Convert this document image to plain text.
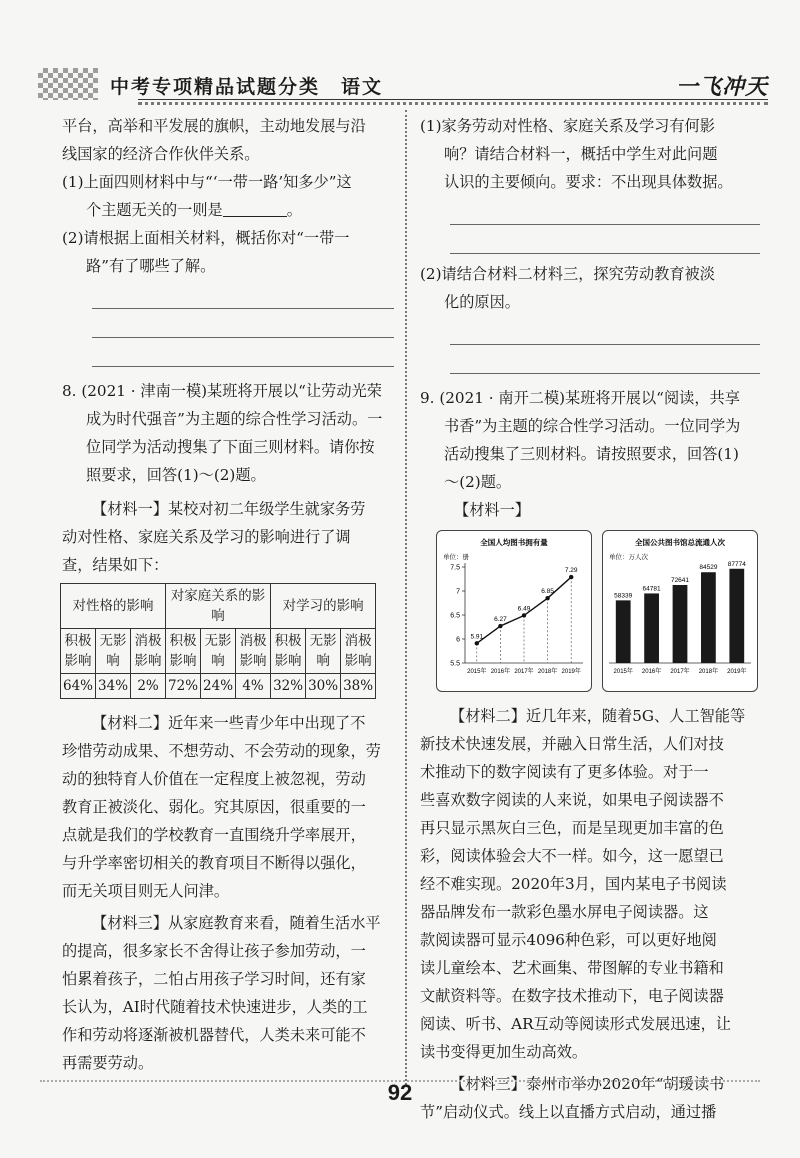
中考专项精品试题分类　语文	一飞冲天

平台，高举和平发展的旗帜，主动地发展与沿

线国家的经济合作伙伴关系。

(1)上面四则材料中与“‘一带一路’知多少”这

个主题无关的一则是	。

(2)请根据上面相关材料，概括你对“一带一

路”有了哪些了解。

8. (2021 · 津南一模)某班将开展以“让劳动光荣

成为时代强音”为主题的综合性学习活动。一

位同学为活动搜集了下面三则材料。请你按

照要求，回答(1)～(2)题。

【材料一】某校对初二年级学生就家务劳

动对性格、家庭关系及学习的影响进行了调

查，结果如下：

对性格的影响			对家庭关系的影响			对学习的影响		
积极影响	无影响	消极影响	积极影响	无影响	消极影响	积极影响	无影响	消极影响
64%	34%	2%	72%	24%	4%	32%	30%	38%

【材料二】近年来一些青少年中出现了不

珍惜劳动成果、不想劳动、不会劳动的现象，劳

动的独特育人价值在一定程度上被忽视，劳动

教育正被淡化、弱化。究其原因，很重要的一

点就是我们的学校教育一直围绕升学率展开，

与升学率密切相关的教育项目不断得以强化，

而无关项目则无人问津。

【材料三】从家庭教育来看，随着生活水平

的提高，很多家长不舍得让孩子参加劳动，一

怕累着孩子，二怕占用孩子学习时间，还有家

长认为，AI时代随着技术快速进步，人类的工

作和劳动将逐渐被机器替代，人类未来可能不

再需要劳动。

(1)家务劳动对性格、家庭关系及学习有何影

响？请结合材料一，概括中学生对此问题

认识的主要倾向。要求：不出现具体数据。

(2)请结合材料二材料三，探究劳动教育被淡

化的原因。

9. (2021 · 南开二模)某班将开展以“阅读，共享

书香”为主题的综合性学习活动。一位同学为

活动搜集了三则材料。请按照要求，回答(1)

～(2)题。

【材料一】

全国人均图书拥有量
单位：册
5.5
6
6.5
7
7.5
5.91
2015年
6.27
2016年
6.49
2017年
6.85
2018年
7.29
2019年
全国公共图书馆总流通人次
单位：万人次
58339
2015年
64781
2016年
72641
2017年
84529
2018年
87774
2019年

【材料二】近几年来，随着5G、人工智能等

新技术快速发展，并融入日常生活，人们对技

术推动下的数字阅读有了更多体验。对于一

些喜欢数字阅读的人来说，如果电子阅读器不

再只显示黑灰白三色，而是呈现更加丰富的色

彩，阅读体验会大不一样。如今，这一愿望已

经不难实现。2020年3月，国内某电子书阅读

器品牌发布一款彩色墨水屏电子阅读器。这

款阅读器可显示4096种色彩，可以更好地阅

读儿童绘本、艺术画集、带图解的专业书籍和

文献资料等。在数字技术推动下，电子阅读器

阅读、听书、AR互动等阅读形式发展迅速，让

读书变得更加生动高效。

【材料三】泰州市举办2020年“胡瑗读书

节”启动仪式。线上以直播方式启动，通过播

92
